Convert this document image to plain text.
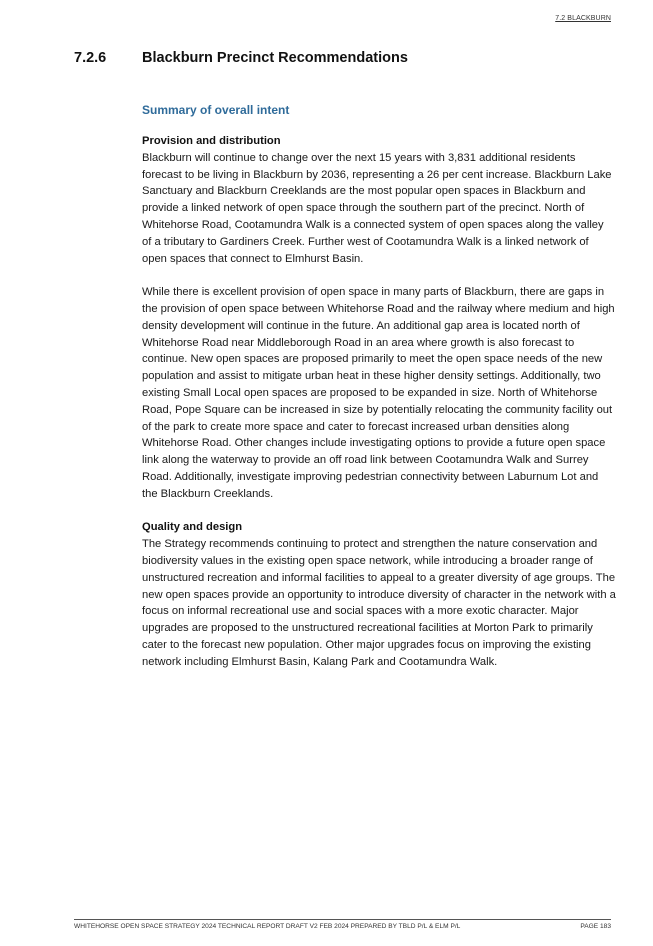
7.2 BLACKBURN
7.2.6	Blackburn Precinct Recommendations

Summary of overall intent

Provision and distribution

Blackburn will continue to change over the next 15 years with 3,831 additional residents forecast to be living in Blackburn by 2036, representing a 26 per cent increase. Blackburn Lake Sanctuary and Blackburn Creeklands are the most popular open spaces in Blackburn and provide a linked network of open space through the southern part of the precinct. North of Whitehorse Road, Cootamundra Walk is a connected system of open spaces along the valley of a tributary to Gardiners Creek. Further west of Cootamundra Walk is a linked network of open spaces that connect to Elmhurst Basin.

While there is excellent provision of open space in many parts of Blackburn, there are gaps in the provision of open space between Whitehorse Road and the railway where medium and high density development will continue in the future. An additional gap area is located north of Whitehorse Road near Middleborough Road in an area where growth is also forecast to continue. New open spaces are proposed primarily to meet the open space needs of the new population and assist to mitigate urban heat in these higher density settings. Additionally, two existing Small Local open spaces are proposed to be expanded in size. North of Whitehorse Road, Pope Square can be increased in size by potentially relocating the community facility out of the park to create more space and cater to forecast increased urban densities along Whitehorse Road. Other changes include investigating options to provide a future open space link along the waterway to provide an off road link between Cootamundra Walk and Surrey Road. Additionally, investigate improving pedestrian connectivity between Laburnum Lot and the Blackburn Creeklands.

Quality and design

The Strategy recommends continuing to protect and strengthen the nature conservation and biodiversity values in the existing open space network, while introducing a broader range of unstructured recreation and informal facilities to appeal to a greater diversity of age groups. The new open spaces provide an opportunity to introduce diversity of character in the network with a focus on informal recreational use and social spaces with a more exotic character. Major upgrades are proposed to the unstructured recreational facilities at Morton Park to primarily cater to the forecast new population. Other major upgrades focus on improving the existing network including Elmhurst Basin, Kalang Park and Cootamundra Walk.

WHITEHORSE OPEN SPACE STRATEGY 2024 TECHNICAL REPORT DRAFT V2 FEB 2024 PREPARED BY TBLD P/L & ELM P/L	PAGE 183
